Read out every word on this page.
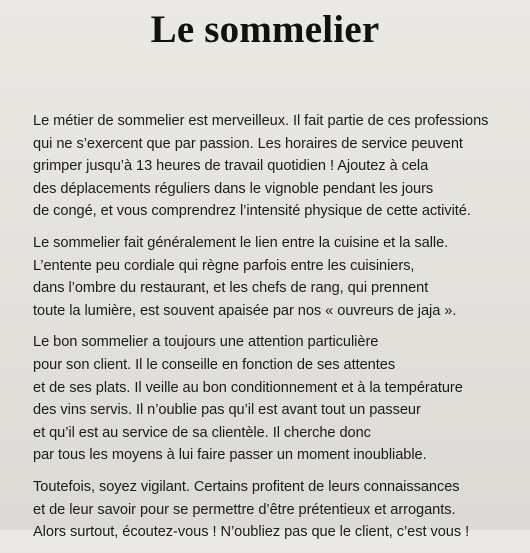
Le sommelier

Le métier de sommelier est merveilleux. Il fait partie de ces professions
qui ne s’exercent que par passion. Les horaires de service peuvent
grimper jusqu’à 13 heures de travail quotidien ! Ajoutez à cela
des déplacements réguliers dans le vignoble pendant les jours
de congé, et vous comprendrez l’intensité physique de cette activité.

Le sommelier fait généralement le lien entre la cuisine et la salle.
L’entente peu cordiale qui règne parfois entre les cuisiniers,
dans l’ombre du restaurant, et les chefs de rang, qui prennent
toute la lumière, est souvent apaisée par nos « ouvreurs de jaja ».

Le bon sommelier a toujours une attention particulière
pour son client. Il le conseille en fonction de ses attentes
et de ses plats. Il veille au bon conditionnement et à la température
des vins servis. Il n’oublie pas qu’il est avant tout un passeur
et qu’il est au service de sa clientèle. Il cherche donc
par tous les moyens à lui faire passer un moment inoubliable.

Toutefois, soyez vigilant. Certains profitent de leurs connaissances
et de leur savoir pour se permettre d’être prétentieux et arrogants.
Alors surtout, écoutez-vous ! N’oubliez pas que le client, c’est vous !
